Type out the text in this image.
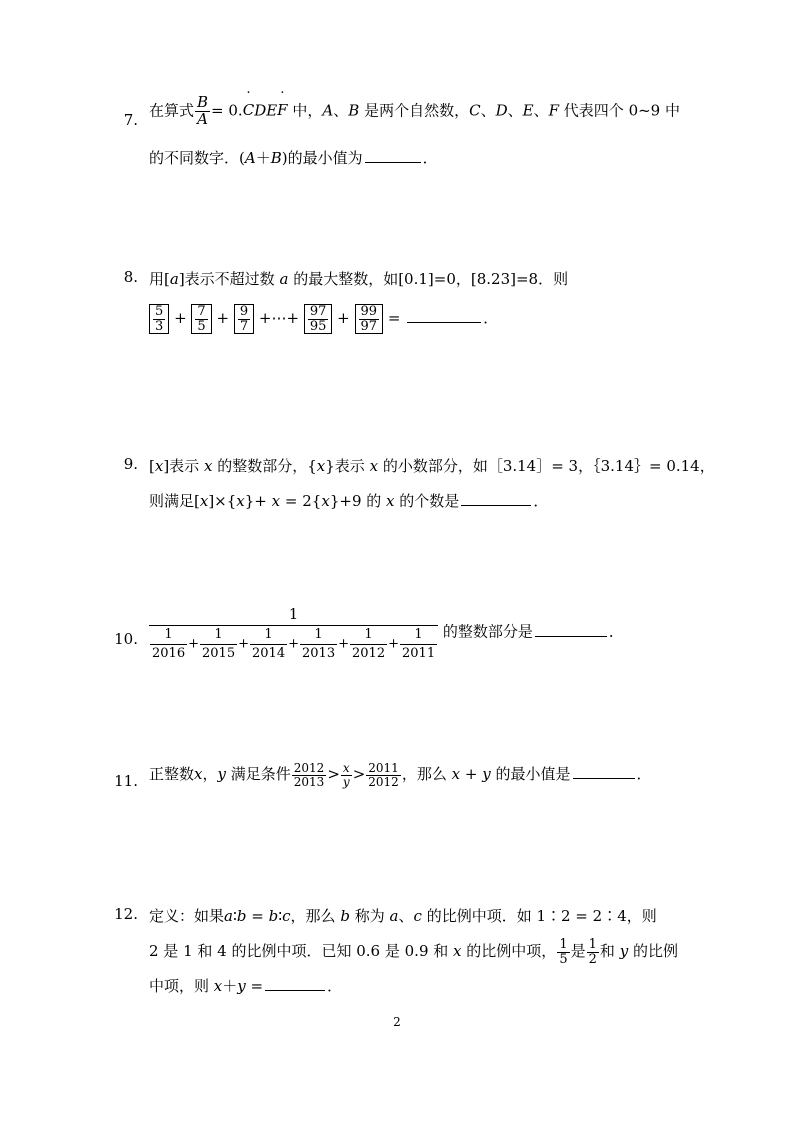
7.
在算式 $\frac{B}{A} = 0.C$ ˙DEF ˙ 中，A、B 是两个自然数，C、D、E、F 代表四个 0~9 中
的不同数字．(A＋B)的最小值为	．
8. 用[a]表示不超过数 a 的最大整数，如[0.1]=0，[8.23]=8．则
$\frac{5}{3} + \frac{7}{5} + \frac{9}{7}$ +⋯+ $\frac{97}{95} + \frac{99}{97}$ =	．
9. [x]表示 x 的整数部分，{x}表示 x 的小数部分，如［3.14］= 3，｛3.14｝= 0.14，
则满足[x]×{x}+ x = 2{x}+9 的 x 的个数是	．
10. $\frac{1}{\frac{1}{2016} + \frac{1}{2015} + \frac{1}{2014} + \frac{1}{2013} + \frac{1}{2012} + \frac{1}{2011}}$ 的整数部分是	．
11. 正整数x，y 满足条件 $\frac{2012}{2013} > \frac{x}{y} > \frac{2011}{2012}$ ，那么 x + y 的最小值是	．
12. 定义：如果a∶b = b∶c，那么 b 称为 a、c 的比例中项．如 1∶2 = 2∶4，则
2 是 1 和 4 的比例中项．已知 0.6 是 0.9 和 x 的比例中项， $\frac{1}{5}$ 是 $\frac{1}{2}$ 和 y 的比例
中项，则 x＋y =	．
2
